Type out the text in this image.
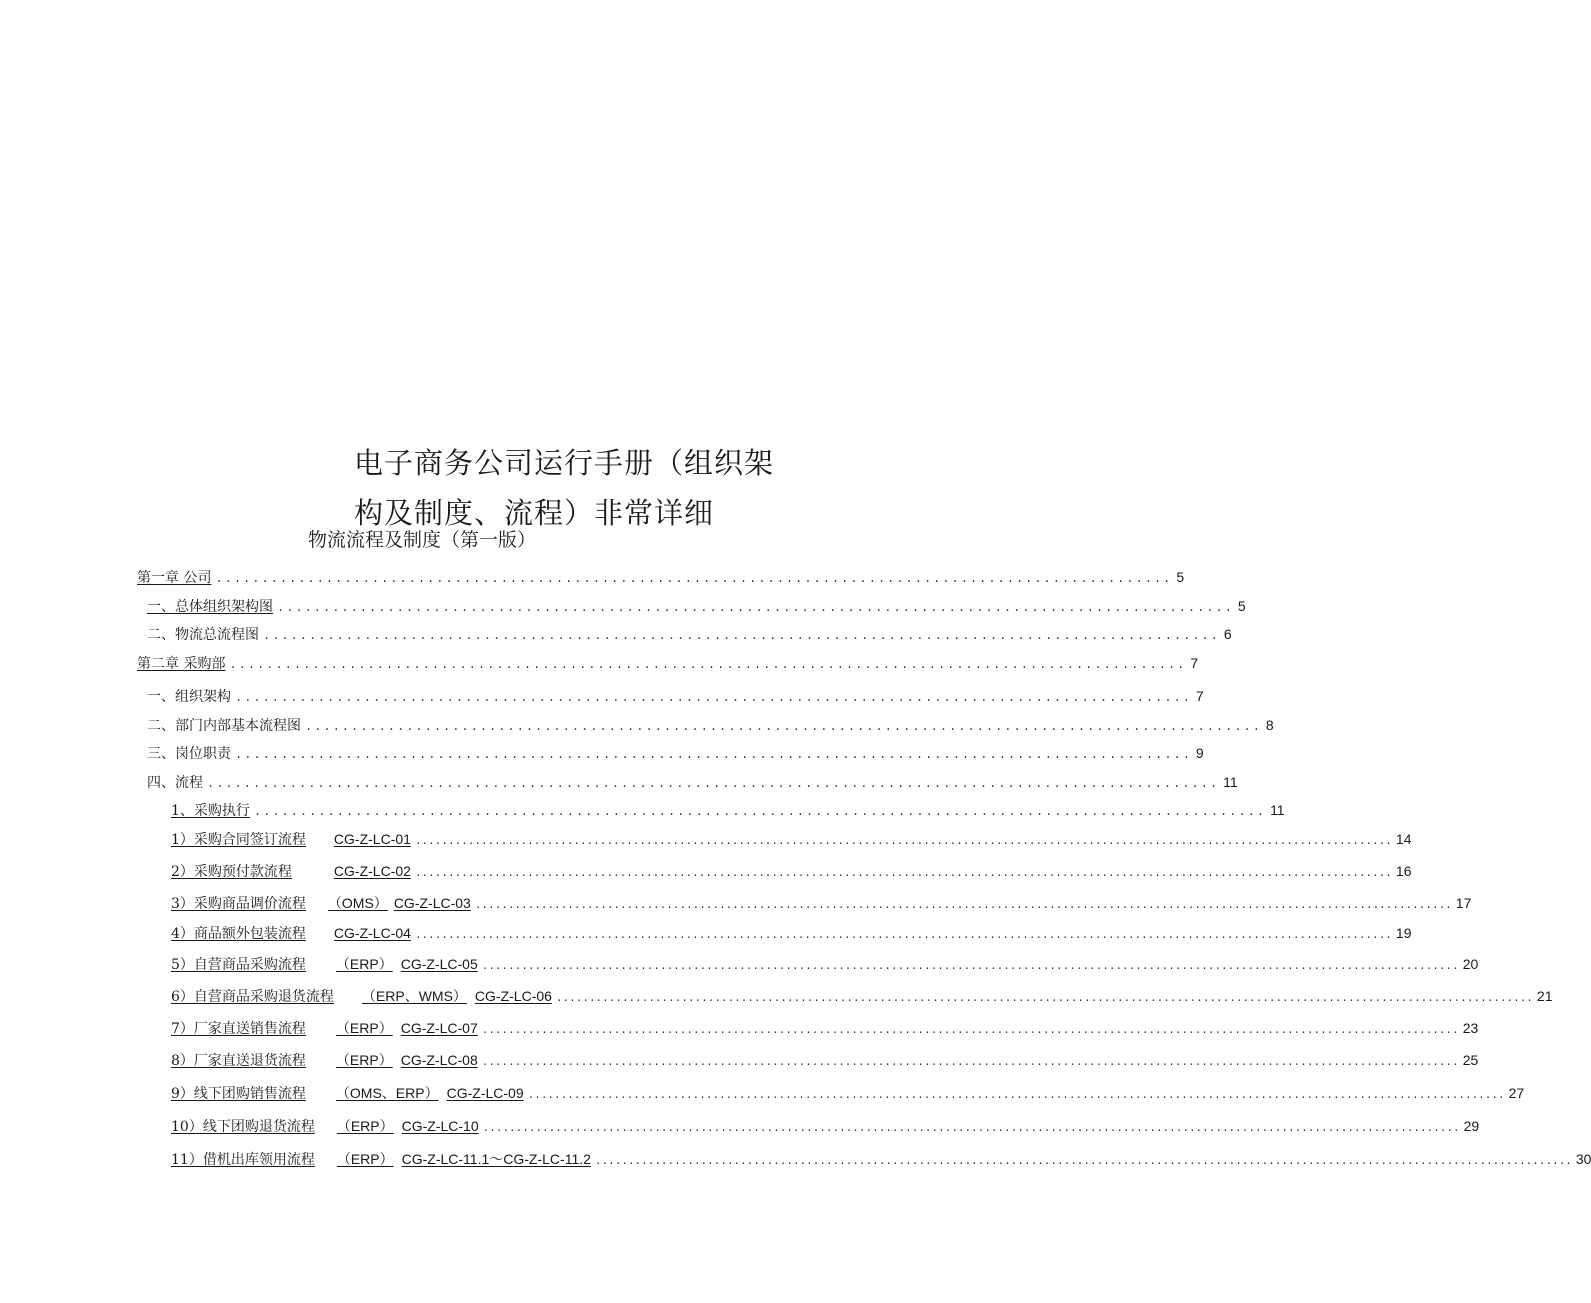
电子商务公司运行手册（组织架
构及制度、流程）非常详细
物流流程及制度（第一版）
第一章 公司 ........................................................................................................ 5
一、总体组织架构图 ........................................................................................................ 5
二、物流总流程图 ........................................................................................................ 6
第二章 采购部 ........................................................................................................ 7
一、组织架构 ........................................................................................................ 7
二、部门内部基本流程图 ........................................................................................................ 8
三、岗位职责 ........................................................................................................ 9
四、流程 .............................................................................................................. 11
1、采购执行 .............................................................................................................. 11
1）采购合同签订流程 CG-Z-LC-01 .................................................................................................................................................... 14
2）采购预付款流程	CG-Z-LC-02 .................................................................................................................................................... 16
3）采购商品调价流程 （OMS） CG-Z-LC-03 .................................................................................................................................................... 17
4）商品额外包装流程 CG-Z-LC-04 .................................................................................................................................................... 19
5）自营商品采购流程 （ERP） CG-Z-LC-05 .................................................................................................................................................... 20
6）自营商品采购退货流程 （ERP、WMS） CG-Z-LC-06 .................................................................................................................................................... 21
7）厂家直送销售流程 （ERP） CG-Z-LC-07 .................................................................................................................................................... 23
8）厂家直送退货流程 （ERP） CG-Z-LC-08 .................................................................................................................................................... 25
9）线下团购销售流程 （OMS、ERP） CG-Z-LC-09 .................................................................................................................................................... 27
10）线下团购退货流程 （ERP） CG-Z-LC-10 .................................................................................................................................................... 29
11）借机出库领用流程 （ERP） CG-Z-LC-11.1～CG-Z-LC-11.2 .................................................................................................................................................... 30
